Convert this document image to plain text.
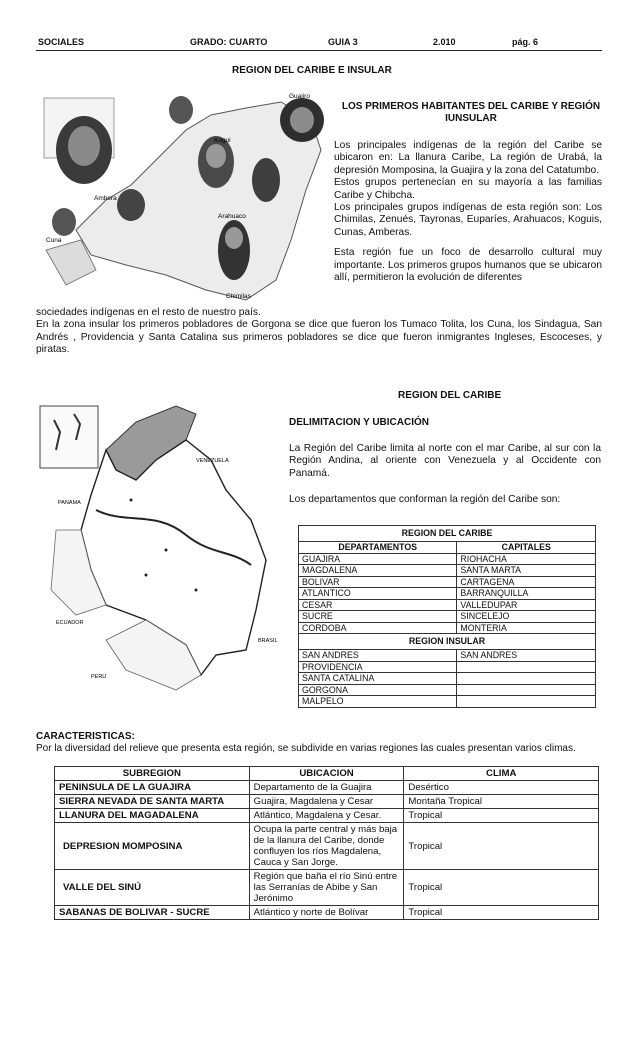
SOCIALES	GRADO: CUARTO	GUIA 3	2.010	pág. 6
REGION DEL CARIBE E INSULAR
Guajiro
Kogui
Arahuaco
Ambera
Cuna
Chimilas
LOS PRIMEROS HABITANTES DEL CARIBE Y REGIÓN IUNSULAR

Los principales indígenas de la región del Caribe se ubicaron en: La llanura Caribe, La región de Urabá, la depresión Momposina, la Guajira y la zona del Catatumbo.

Estos grupos pertenecían en su mayoría a las familias Caribe y Chibcha.

Los principales grupos indígenas de esta región son: Los Chimilas, Zenués, Tayronas, Euparíes, Arahuacos, Koguis, Cunas, Amberas.

Esta región fue un foco de desarrollo cultural muy importante. Los primeros grupos humanos que se ubicaron allí, permitieron la evolución de diferentes

sociedades indígenas en el resto de nuestro país.

En la zona insular los primeros pobladores de Gorgona se dice que fueron los Tumaco Tolita, los Cuna, los Sindagua, San Andrés , Providencia y Santa Catalina sus primeros pobladores se dice que fueron inmigrantes Ingleses, Escoceses, y piratas.

REGION DEL CARIBE
DELIMITACION Y UBICACIÓN

La Región del Caribe limita al norte con el mar Caribe, al sur con la Región Andina, al oriente con Venezuela y al Occidente con Panamá.

Los departamentos que conforman la región del Caribe son:

VENEZUELA
PANAMA
ECUADOR
PERU
BRASIL
REGION DEL CARIBE	
DEPARTAMENTOS	CAPITALES
GUAJIRA	RIOHACHA
MAGDALENA	SANTA MARTA
BOLIVAR	CARTAGENA
ATLANTICO	BARRANQUILLA
CESAR	VALLEDUPAR
SUCRE	SINCELEJO
CORDOBA	MONTERIA
REGION INSULAR	
SAN ANDRES	SAN ANDRES
PROVIDENCIA	
SANTA CATALINA	
GORGONA	
MALPELO	
CARACTERISTICAS:
Por la diversidad del relieve que presenta esta región, se subdivide en varias regiones las cuales presentan varios climas.
SUBREGION	UBICACION	CLIMA
PENINSULA DE LA GUAJIRA	Departamento de la Guajira	Desértico
SIERRA NEVADA DE SANTA MARTA	Guajira, Magdalena y Cesar	Montaña Tropical
LLANURA DEL MAGADALENA	Atlántico, Magdalena y Cesar.	Tropical
DEPRESION MOMPOSINA	Ocupa la parte central y más baja de la llanura del Caribe, donde confluyen los ríos Magdalena, Cauca y San Jorge.	Tropical
VALLE DEL SINÚ	Región que baña el río Sinú entre las Serranías de Abibe y San Jerónimo	Tropical
SABANAS DE BOLIVAR - SUCRE	Atlántico y norte de Bolívar	Tropical
